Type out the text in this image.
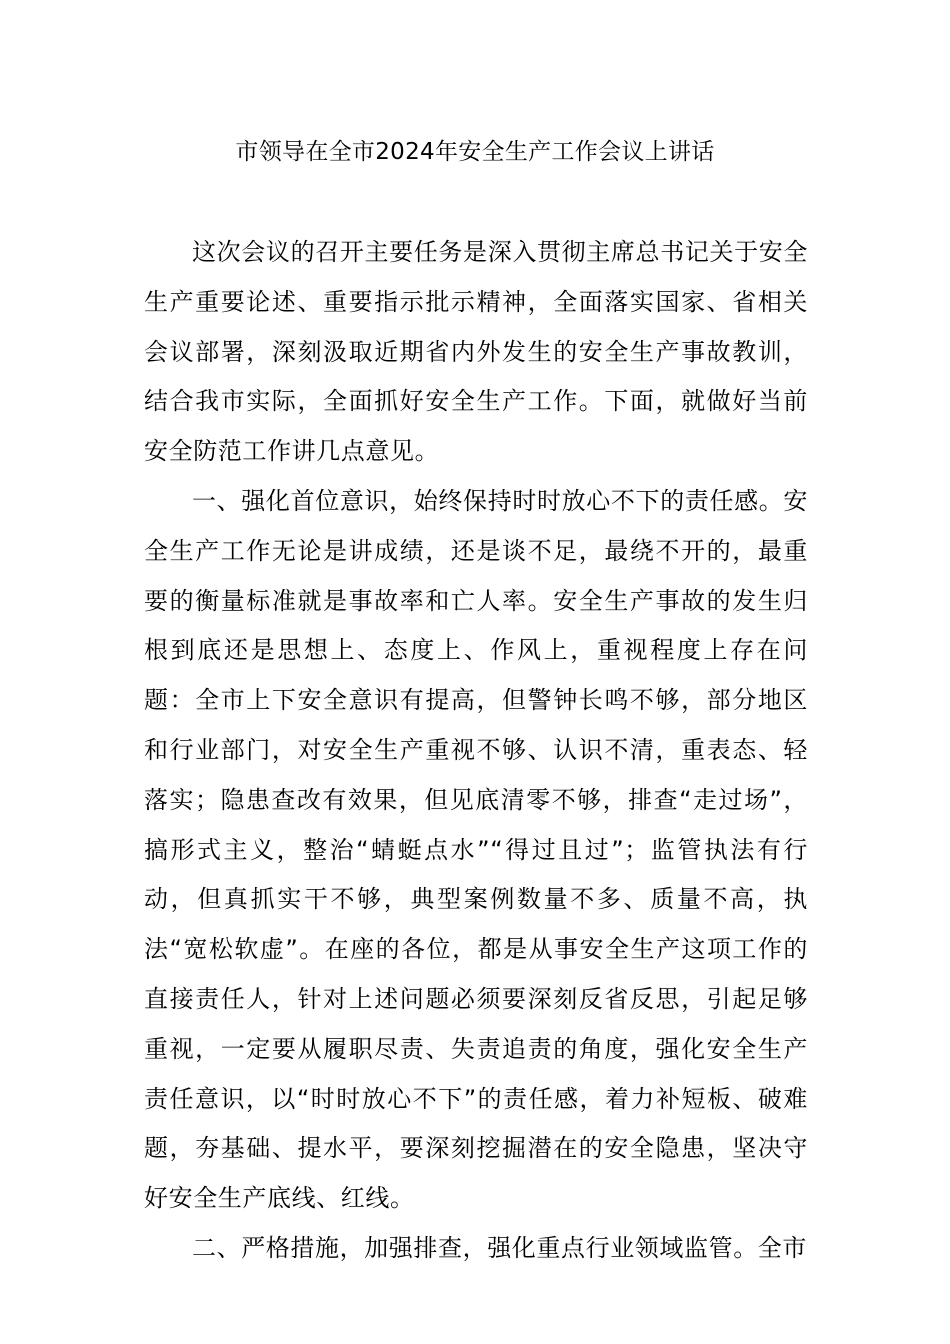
市领导在全市2024年安全生产工作会议上讲话

这次会议的召开主要任务是深入贯彻主席总书记关于安全生产重要论述、重要指示批示精神，全面落实国家、省相关会议部署，深刻汲取近期省内外发生的安全生产事故教训，结合我市实际，全面抓好安全生产工作。下面，就做好当前安全防范工作讲几点意见。

一、强化首位意识，始终保持时时放心不下的责任感。安全生产工作无论是讲成绩，还是谈不足，最绕不开的，最重要的衡量标准就是事故率和亡人率。安全生产事故的发生归根到底还是思想上、态度上、作风上，重视程度上存在问题：全市上下安全意识有提高，但警钟长鸣不够，部分地区和行业部门，对安全生产重视不够、认识不清，重表态、轻落实；隐患查改有效果，但见底清零不够，排查“走过场”，搞形式主义，整治“蜻蜓点水”“得过且过”；监管执法有行动，但真抓实干不够，典型案例数量不多、质量不高，执法“宽松软虚”。在座的各位，都是从事安全生产这项工作的直接责任人，针对上述问题必须要深刻反省反思，引起足够重视，一定要从履职尽责、失责追责的角度，强化安全生产责任意识，以“时时放心不下”的责任感，着力补短板、破难题，夯基础、提水平，要深刻挖掘潜在的安全隐患，坚决守好安全生产底线、红线。

二、严格措施，加强排查，强化重点行业领域监管。全市
